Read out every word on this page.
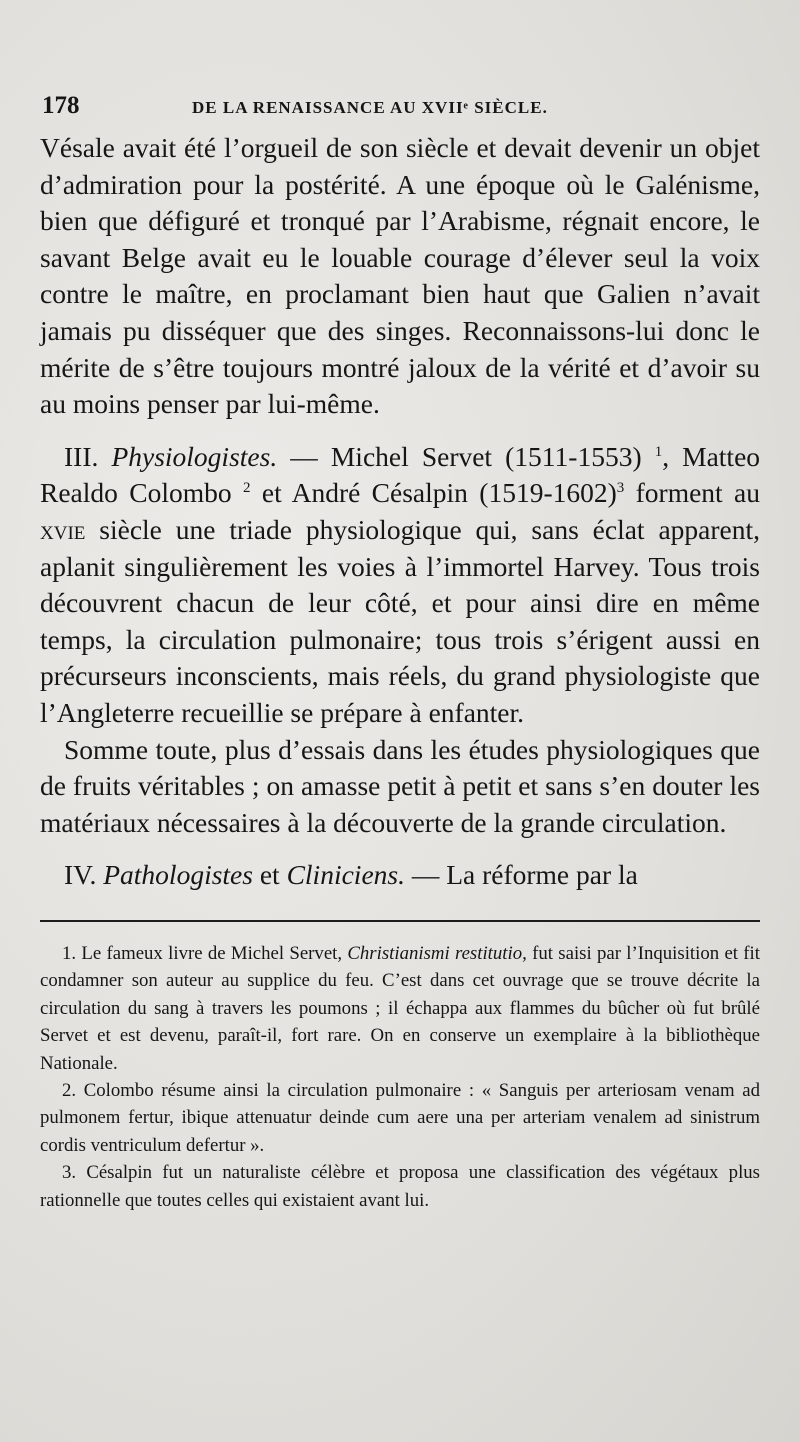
178	DE LA RENAISSANCE AU XVIIᵉ SIÈCLE.

Vésale avait été l’orgueil de son siècle et devait devenir un objet d’admiration pour la postérité. A une époque où le Galénisme, bien que défiguré et tronqué par l’Arabisme, régnait encore, le savant Belge avait eu le louable courage d’élever seul la voix contre le maître, en proclamant bien haut que Galien n’avait jamais pu disséquer que des singes. Reconnaissons-lui donc le mérite de s’être toujours montré jaloux de la vérité et d’avoir su au moins penser par lui-même.

III. Physiologistes. — Michel Servet (1511-1553) $^1$, Matteo Realdo Colombo $^2$ et André Césalpin (1519-1602)$^3$ forment au xvie siècle une triade physiologique qui, sans éclat apparent, aplanit singulièrement les voies à l’immortel Harvey. Tous trois découvrent chacun de leur côté, et pour ainsi dire en même temps, la circulation pulmonaire; tous trois s’érigent aussi en précurseurs inconscients, mais réels, du grand physiologiste que l’Angleterre recueillie se prépare à enfanter.

Somme toute, plus d’essais dans les études physiologiques que de fruits véritables ; on amasse petit à petit et sans s’en douter les matériaux nécessaires à la découverte de la grande circulation.

IV. Pathologistes et Cliniciens. — La réforme par la

1. Le fameux livre de Michel Servet, Christianismi restitutio, fut saisi par l’Inquisition et fit condamner son auteur au supplice du feu. C’est dans cet ouvrage que se trouve décrite la circulation du sang à travers les poumons ; il échappa aux flammes du bûcher où fut brûlé Servet et est devenu, paraît-il, fort rare. On en conserve un exemplaire à la bibliothèque Nationale.

2. Colombo résume ainsi la circulation pulmonaire : « Sanguis per arteriosam venam ad pulmonem fertur, ibique attenuatur deinde cum aere una per arteriam venalem ad sinistrum cordis ventriculum defertur ».

3. Césalpin fut un naturaliste célèbre et proposa une classification des végétaux plus rationnelle que toutes celles qui existaient avant lui.
